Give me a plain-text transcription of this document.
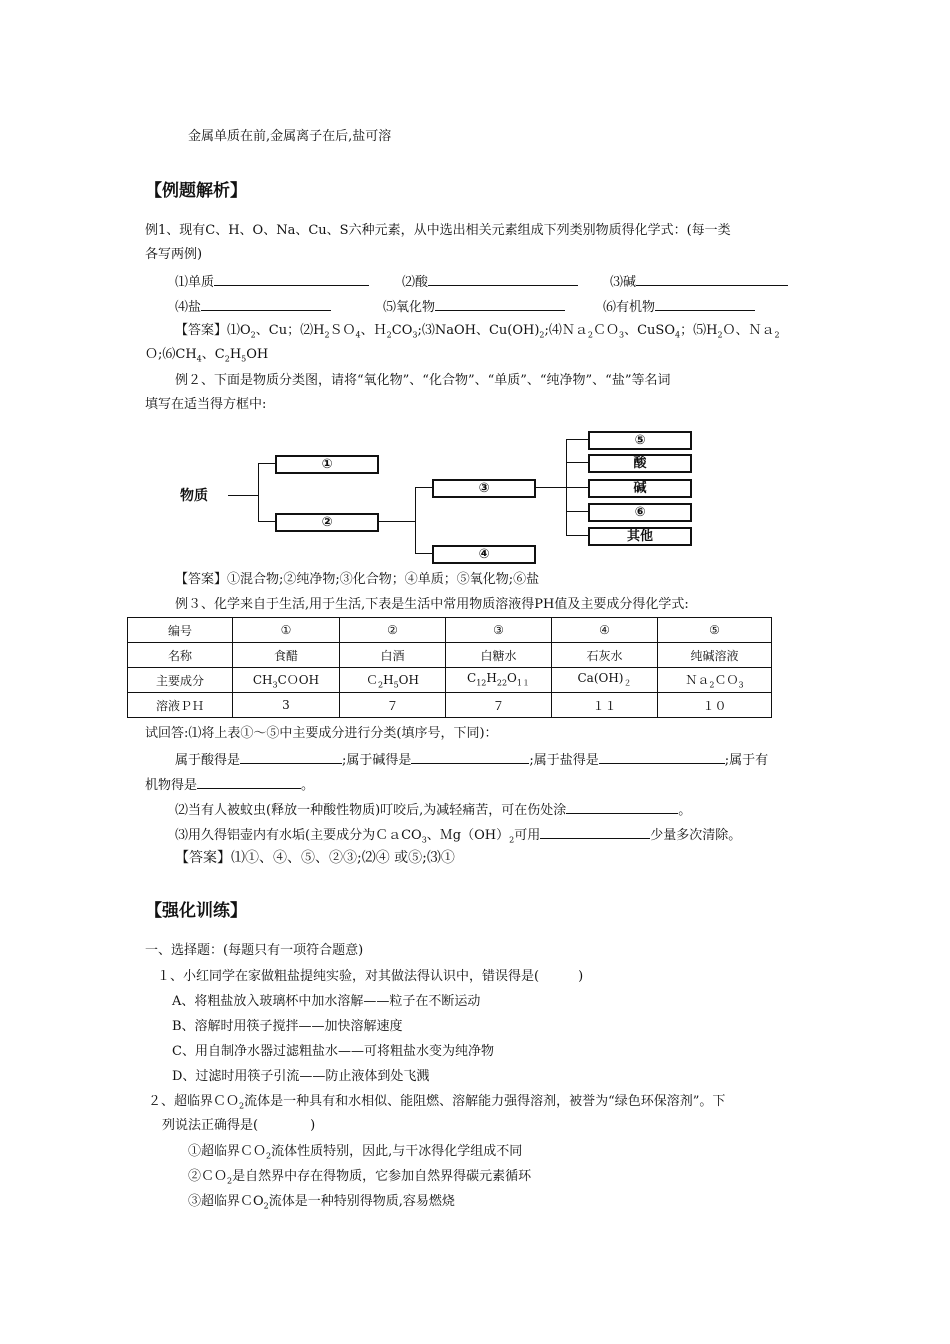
金属单质在前,金属离子在后,盐可溶
【例题解析】
例1、现有C、H、O、Na、Cu、S六种元素，从中选出相关元素组成下列类别物质得化学式：(每一类
各写两例)
⑴单质	⑵酸	⑶碱
⑷盐	⑸氧化物	⑹有机物
【答案】$⑴O_2$、Cu；$⑵H_2SO_4$、$H_2CO_3;⑶NaOH$、$Cu(OH)_2;⑷Na_2CO_3$、CuSO$_4$；$⑸H_2O$、Ｎａ$_2$
$O;⑹CH_4$、$C_2H_5OH$
例２、下面是物质分类图，请将“氧化物”、“化合物”、“单质”、“纯净物”、“盐”等名词
填写在适当得方框中:
物质
①
②
③
④
⑤
酸
碱
⑥
其他
【答案】①混合物;②纯净物;③化合物；④单质；⑤氧化物;⑥盐
例３、化学来自于生活,用于生活,下表是生活中常用物质溶液得PH值及主要成分得化学式:
编号	①	②	③	④	⑤
名称	食醋	白酒	白糖水	石灰水	纯碱溶液
主要成分	$CH_3COOH$	$C_2H_5OH$	$C_{12}H_{22}O_{11}$	$Ca(OH)_2$	Ｎａ$_2$ＣＯ$_3$
溶液ＰＨ	3	７	７	１１	１０
试回答:⑴将上表①～⑤中主要成分进行分类(填序号，下同)：
属于酸得是	;属于碱得是	;属于盐得是	;属于有
机物得是	。
⑵当有人被蚊虫(释放一种酸性物质)叮咬后,为减轻痛苦，可在伤处涂	。
⑶用久得铝壶内有水垢(主要成分为ＣａCO$_3$、$Mg(OH)_2$可用	少量多次清除。
【答案】⑴①、④、⑤、②③;⑵④ 或⑤;⑶①
【强化训练】
一、选择题：(每题只有一项符合题意)
１、小红同学在家做粗盐提纯实验，对其做法得认识中，错误得是(　　　)
A、将粗盐放入玻璃杯中加水溶解——粒子在不断运动
B、溶解时用筷子搅拌——加快溶解速度
C、用自制净水器过滤粗盐水——可将粗盐水变为纯净物
D、过滤时用筷子引流——防止液体到处飞溅
２、超临界ＣＯ$_2$流体是一种具有和水相似、能阻燃、溶解能力强得溶剂，被誉为“绿色环保溶剂”。下
列说法正确得是(　　　　)
①超临界ＣＯ$_2$流体性质特别，因此,与干冰得化学组成不同
②ＣＯ$_2$是自然界中存在得物质，它参加自然界得碳元素循环
③超临界ＣO$_2$流体是一种特别得物质,容易燃烧
